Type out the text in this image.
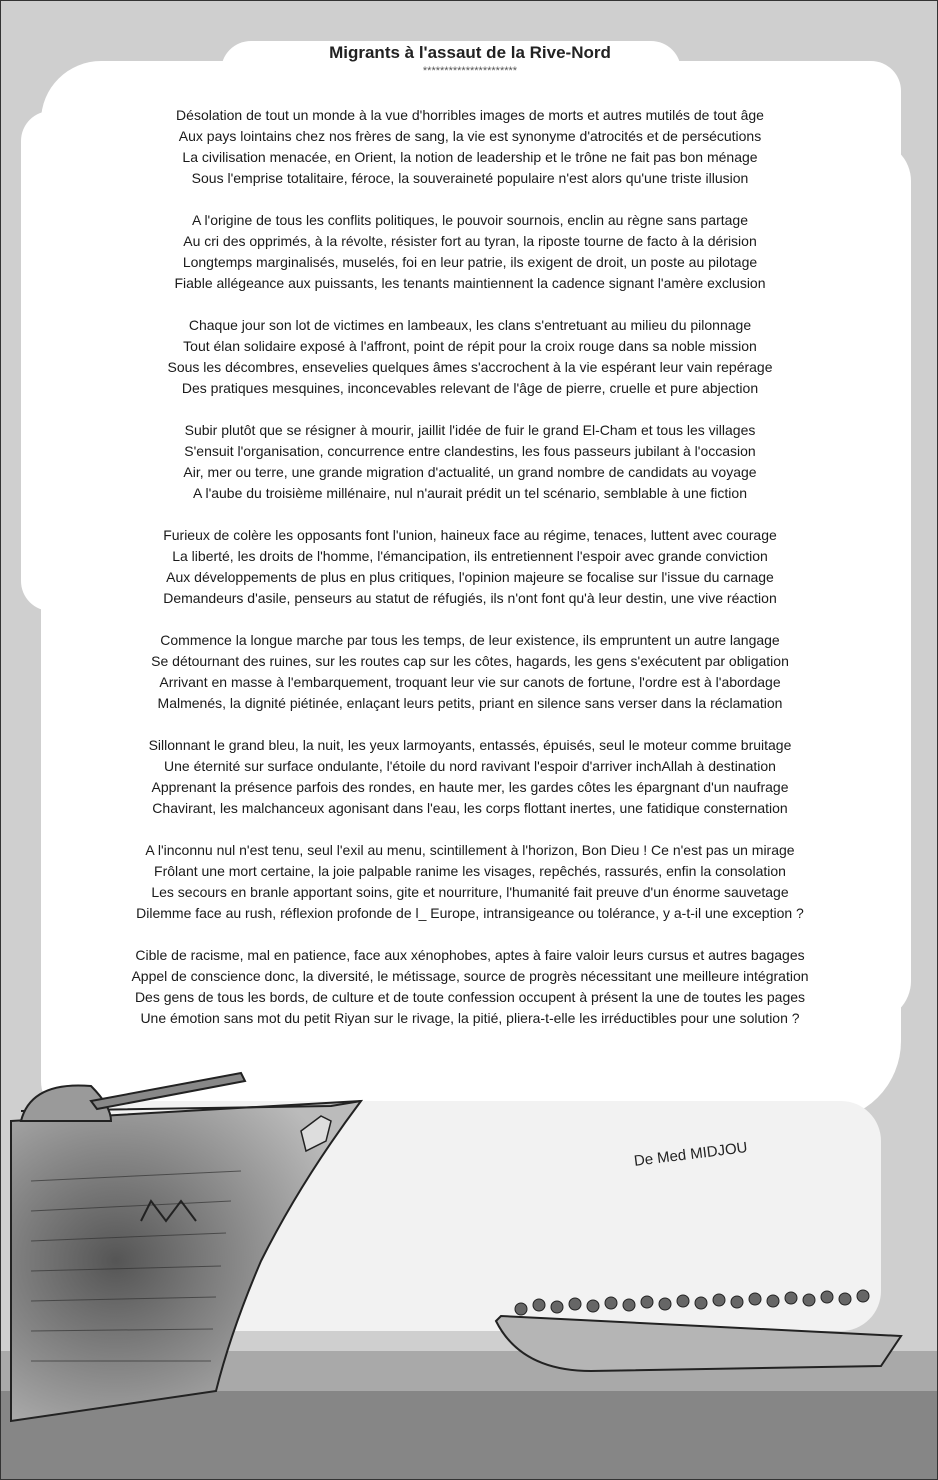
Migrants à l'assaut de la Rive-Nord
**********************
Désolation de tout un monde à la vue d'horribles images de morts et autres mutilés de tout âge
Aux pays lointains chez nos frères de sang, la vie est synonyme d'atrocités et de persécutions
La civilisation menacée, en Orient, la notion de leadership et le trône ne fait pas bon ménage
Sous l'emprise totalitaire, féroce, la souveraineté populaire n'est alors qu'une triste illusion
A l'origine de tous les conflits politiques, le pouvoir sournois, enclin au règne sans partage
Au cri des opprimés, à la révolte, résister fort au tyran, la riposte tourne de facto à la dérision
Longtemps marginalisés, muselés, foi en leur patrie, ils exigent de droit, un poste au pilotage
Fiable allégeance aux puissants, les tenants maintiennent la cadence signant l'amère exclusion
Chaque jour son lot de victimes en lambeaux, les clans s'entretuant au milieu du pilonnage
Tout élan solidaire exposé à l'affront, point de répit pour la croix rouge dans sa noble mission
Sous les décombres, ensevelies quelques âmes s'accrochent à la vie espérant leur vain repérage
Des pratiques mesquines, inconcevables relevant de l'âge de pierre, cruelle et pure abjection
Subir plutôt que se résigner à mourir, jaillit l'idée de fuir le grand El-Cham et tous les villages
S'ensuit l'organisation, concurrence entre clandestins, les fous passeurs jubilant à l'occasion
Air, mer ou terre, une grande migration d'actualité, un grand nombre de candidats au voyage
A l'aube du troisième millénaire, nul n'aurait prédit un tel scénario, semblable à une fiction
Furieux de colère les opposants font l'union, haineux face au régime, tenaces, luttent avec courage
La liberté, les droits de l'homme, l'émancipation, ils entretiennent l'espoir avec grande conviction
Aux développements de plus en plus critiques, l'opinion majeure se focalise sur l'issue du carnage
Demandeurs d'asile, penseurs au statut de réfugiés, ils n'ont font qu'à leur destin, une vive réaction
Commence la longue marche par tous les temps, de leur existence, ils empruntent un autre langage
Se détournant des ruines, sur les routes cap sur les côtes, hagards, les gens s'exécutent par obligation
Arrivant en masse à l'embarquement, troquant leur vie sur canots de fortune, l'ordre est à l'abordage
Malmenés, la dignité piétinée, enlaçant leurs petits, priant en silence sans verser dans la réclamation
Sillonnant le grand bleu, la nuit, les yeux larmoyants, entassés, épuisés, seul le moteur comme bruitage
Une éternité sur surface ondulante, l'étoile du nord ravivant l'espoir d'arriver inchAllah à destination
Apprenant la présence parfois des rondes, en haute mer, les gardes côtes les épargnant d'un naufrage
Chavirant, les malchanceux agonisant dans l'eau, les corps flottant inertes, une fatidique consternation
A l'inconnu nul n'est tenu, seul l'exil au menu, scintillement à l'horizon, Bon Dieu ! Ce n'est pas un mirage
Frôlant une mort certaine, la joie palpable ranime les visages, repêchés, rassurés, enfin la consolation
Les secours en branle apportant soins, gite et nourriture, l'humanité fait preuve d'un énorme sauvetage
Dilemme face au rush, réflexion profonde de l_ Europe, intransigeance ou tolérance, y a-t-il une exception ?
Cible de racisme, mal en patience, face aux xénophobes, aptes à faire valoir leurs cursus et autres bagages
Appel de conscience donc, la diversité, le métissage, source de progrès nécessitant une meilleure intégration
Des gens de tous les bords, de culture et de toute confession occupent à présent la une de toutes les pages
Une émotion sans mot du petit Riyan sur le rivage, la pitié, pliera-t-elle les irréductibles pour une solution ?
De Med MIDJOU
